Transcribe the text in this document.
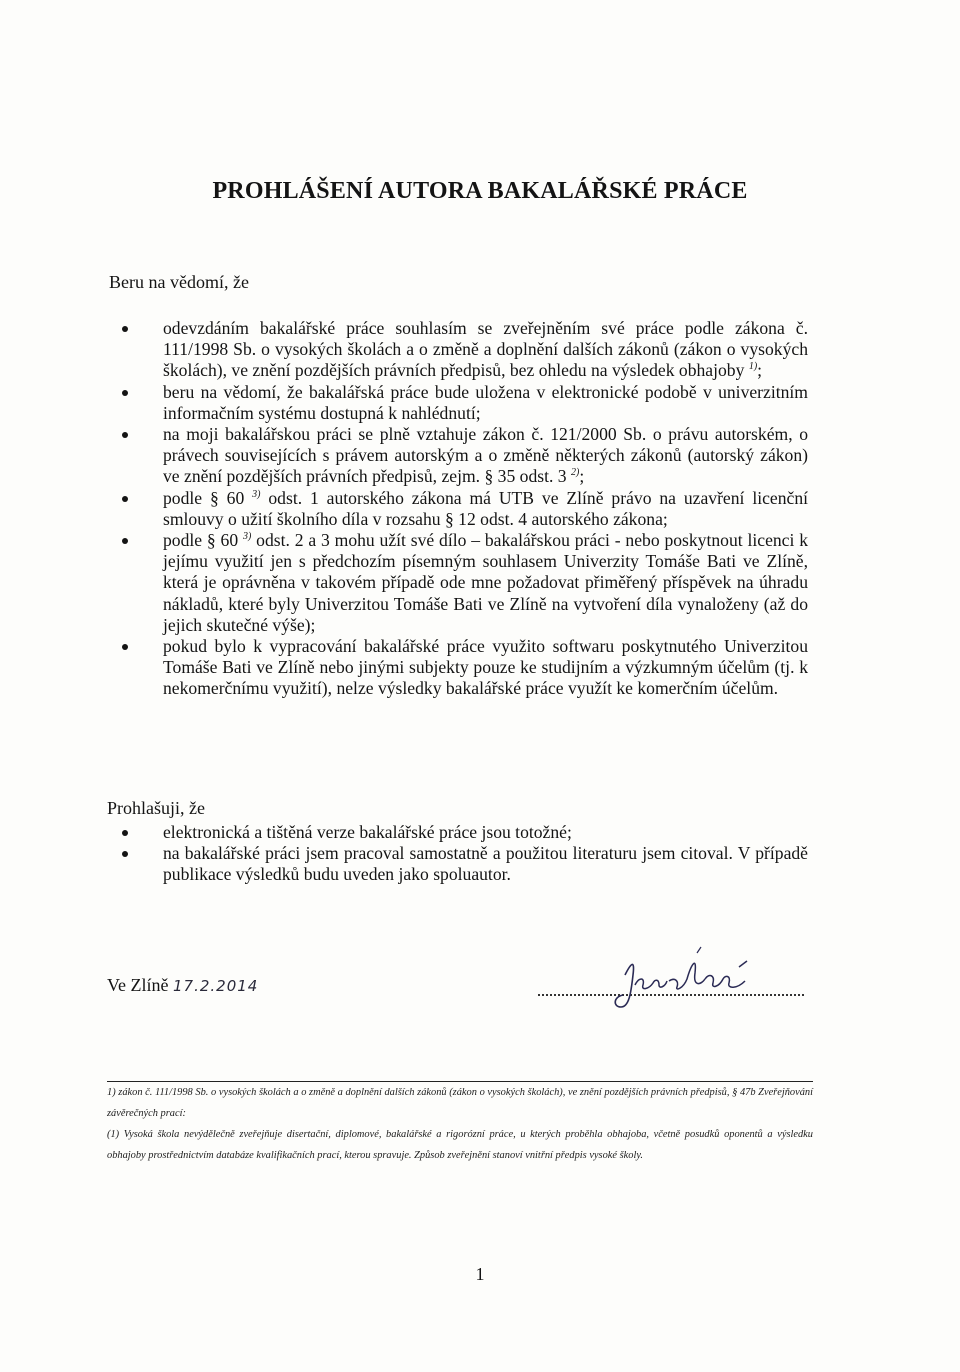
PROHLÁŠENÍ AUTORA BAKALÁŘSKÉ PRÁCE
Beru na vědomí, že
odevzdáním bakalářské práce souhlasím se zveřejněním své práce podle zákona č. 111/1998 Sb. o vysokých školách a o změně a doplnění dalších zákonů (zákon o vysokých školách), ve znění pozdějších právních předpisů, bez ohledu na výsledek obhajoby $^{1)}$;
beru na vědomí, že bakalářská práce bude uložena v elektronické podobě v univerzitním informačním systému dostupná k nahlédnutí;
na moji bakalářskou práci se plně vztahuje zákon č. 121/2000 Sb. o právu autorském, o právech souvisejících s právem autorským a o změně některých zákonů (autorský zákon) ve znění pozdějších právních předpisů, zejm. § 35 odst. 3 $^{2)}$;
podle § 60 $^{3)}$ odst. 1 autorského zákona má UTB ve Zlíně právo na uzavření licenční smlouvy o užití školního díla v rozsahu § 12 odst. 4 autorského zákona;
podle § 60 $^{3)}$ odst. 2 a 3 mohu užít své dílo – bakalářskou práci - nebo poskytnout licenci k jejímu využití jen s předchozím písemným souhlasem Univerzity Tomáše Bati ve Zlíně, která je oprávněna v takovém případě ode mne požadovat přiměřený příspěvek na úhradu nákladů, které byly Univerzitou Tomáše Bati ve Zlíně na vytvoření díla vynaloženy (až do jejich skutečné výše);
pokud bylo k vypracování bakalářské práce využito softwaru poskytnutého Univerzitou Tomáše Bati ve Zlíně nebo jinými subjekty pouze ke studijním a výzkumným účelům (tj. k nekomerčnímu využití), nelze výsledky bakalářské práce využít ke komerčním účelům.
Prohlašuji, že
elektronická a tištěná verze bakalářské práce jsou totožné;
na bakalářské práci jsem pracoval samostatně a použitou literaturu jsem citoval. V případě publikace výsledků budu uveden jako spoluautor.
Ve Zlíně 17.2.2014

1) zákon č. 111/1998 Sb. o vysokých školách a o změně a doplnění dalších zákonů (zákon o vysokých školách), ve znění pozdějších právních předpisů, § 47b Zveřejňování závěrečných prací:

(1) Vysoká škola nevýdělečně zveřejňuje disertační, diplomové, bakalářské a rigorózní práce, u kterých proběhla obhajoba, včetně posudků oponentů a výsledku obhajoby prostřednictvím databáze kvalifikačních prací, kterou spravuje. Způsob zveřejnění stanoví vnitřní předpis vysoké školy.

1
